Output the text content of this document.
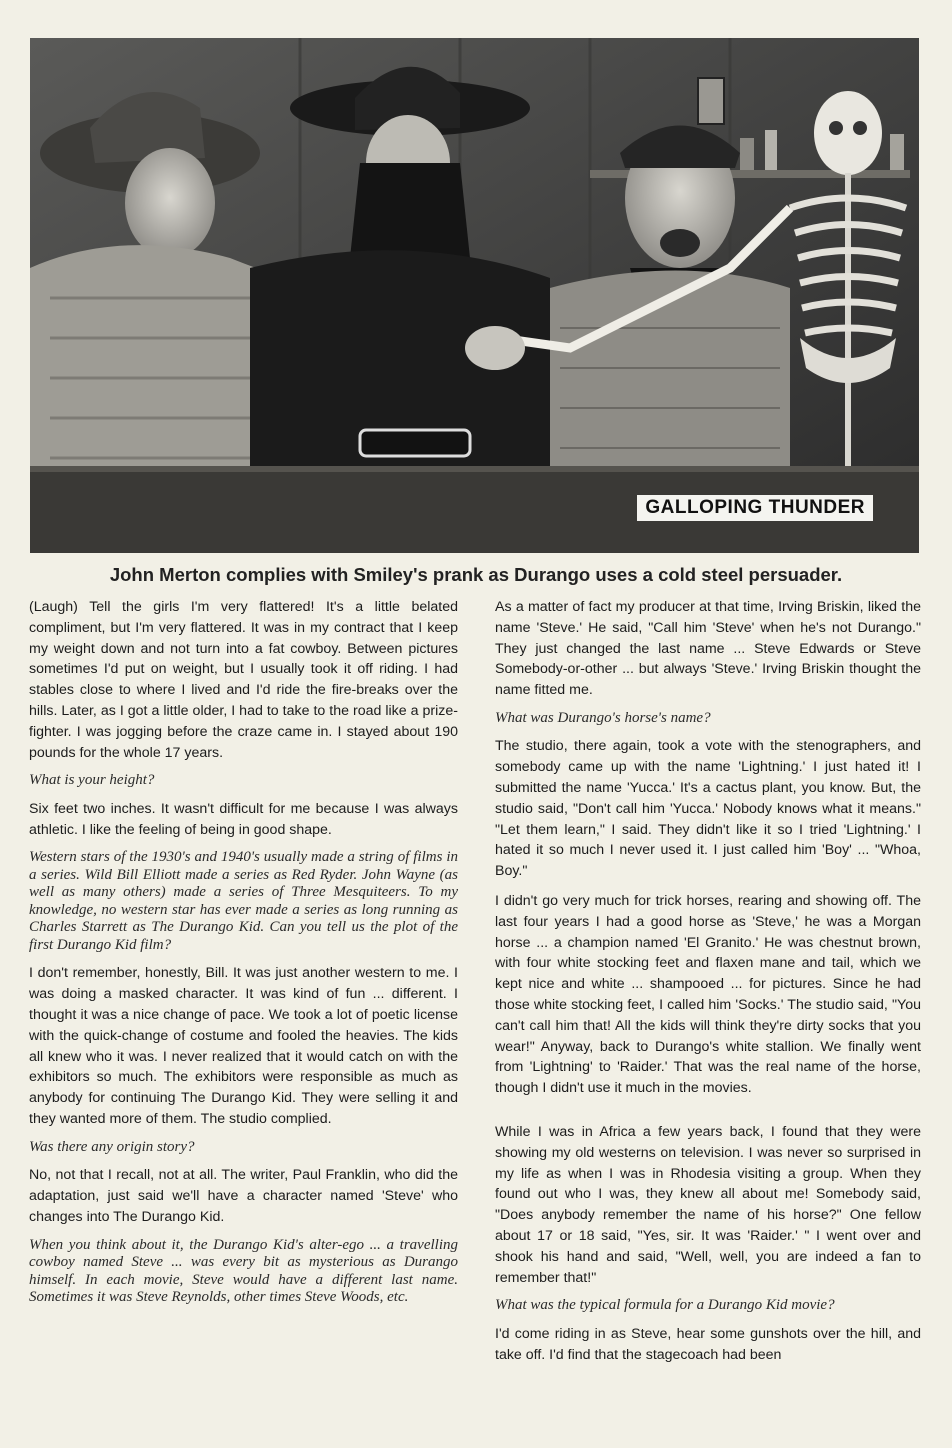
GALLOPING THUNDER
John Merton complies with Smiley's prank as Durango uses a cold steel persuader.

(Laugh) Tell the girls I'm very flattered! It's a little belated compliment, but I'm very flattered. It was in my contract that I keep my weight down and not turn into a fat cowboy. Between pictures sometimes I'd put on weight, but I usually took it off riding. I had stables close to where I lived and I'd ride the fire-breaks over the hills. Later, as I got a little older, I had to take to the road like a prize-fighter. I was jogging before the craze came in. I stayed about 190 pounds for the whole 17 years.

What is your height?

Six feet two inches. It wasn't difficult for me because I was always athletic. I like the feeling of being in good shape.

Western stars of the 1930's and 1940's usually made a string of films in a series. Wild Bill Elliott made a series as Red Ryder. John Wayne (as well as many others) made a series of Three Mesquiteers. To my knowledge, no western star has ever made a series as long running as Charles Starrett as The Durango Kid. Can you tell us the plot of the first Durango Kid film?

I don't remember, honestly, Bill. It was just another western to me. I was doing a masked character. It was kind of fun ... different. I thought it was a nice change of pace. We took a lot of poetic license with the quick-change of costume and fooled the heavies. The kids all knew who it was. I never realized that it would catch on with the exhibitors so much. The exhibitors were responsible as much as anybody for continuing The Durango Kid. They were selling it and they wanted more of them. The studio complied.

Was there any origin story?

No, not that I recall, not at all. The writer, Paul Franklin, who did the adaptation, just said we'll have a character named 'Steve' who changes into The Durango Kid.

When you think about it, the Durango Kid's alter-ego ... a travelling cowboy named Steve ... was every bit as mysterious as Durango himself. In each movie, Steve would have a different last name. Sometimes it was Steve Reynolds, other times Steve Woods, etc.

As a matter of fact my producer at that time, Irving Briskin, liked the name 'Steve.' He said, "Call him 'Steve' when he's not Durango." They just changed the last name ... Steve Edwards or Steve Somebody-or-other ... but always 'Steve.' Irving Briskin thought the name fitted me.

What was Durango's horse's name?

The studio, there again, took a vote with the stenographers, and somebody came up with the name 'Lightning.' I just hated it! I submitted the name 'Yucca.' It's a cactus plant, you know. But, the studio said, "Don't call him 'Yucca.' Nobody knows what it means." "Let them learn," I said. They didn't like it so I tried 'Lightning.' I hated it so much I never used it. I just called him 'Boy' ... "Whoa, Boy."

I didn't go very much for trick horses, rearing and showing off. The last four years I had a good horse as 'Steve,' he was a Morgan horse ... a champion named 'El Granito.' He was chestnut brown, with four white stocking feet and flaxen mane and tail, which we kept nice and white ... shampooed ... for pictures. Since he had those white stocking feet, I called him 'Socks.' The studio said, "You can't call him that! All the kids will think they're dirty socks that you wear!" Anyway, back to Durango's white stallion. We finally went from 'Lightning' to 'Raider.' That was the real name of the horse, though I didn't use it much in the movies.

While I was in Africa a few years back, I found that they were showing my old westerns on television. I was never so surprised in my life as when I was in Rhodesia visiting a group. When they found out who I was, they knew all about me! Somebody said, "Does anybody remember the name of his horse?" One fellow about 17 or 18 said, "Yes, sir. It was 'Raider.' " I went over and shook his hand and said, "Well, well, you are indeed a fan to remember that!"

What was the typical formula for a Durango Kid movie?

I'd come riding in as Steve, hear some gunshots over the hill, and take off. I'd find that the stagecoach had been
